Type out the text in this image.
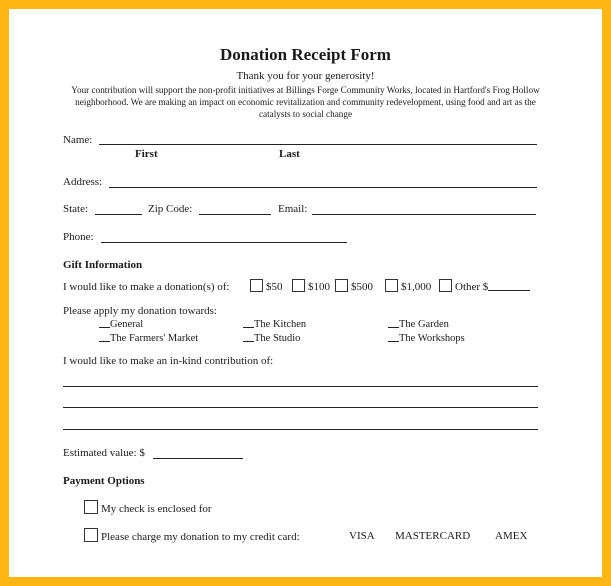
Donation Receipt Form
Thank you for your generosity!
Your contribution will support the non-profit initiatives at Billings Forge Community Works, located in Hartford's Frog Hollow neighborhood. We are making an impact on economic revitalization and community redevelopment, using food and art as the catalysts to social change
Name:
First	Last
Address:
State:	Zip Code:	Email:
Phone:
Gift Information
I would like to make a donation(s) of:	$50	$100	$500	$1,000	Other $
Please apply my donation towards:
General	The Kitchen	The Garden
The Farmers' Market	The Studio	The Workshops
I would like to make an in-kind contribution of:
Estimated value: $
Payment Options
My check is enclosed for
Please charge my donation to my credit card:	VISA MASTERCARD AMEX
